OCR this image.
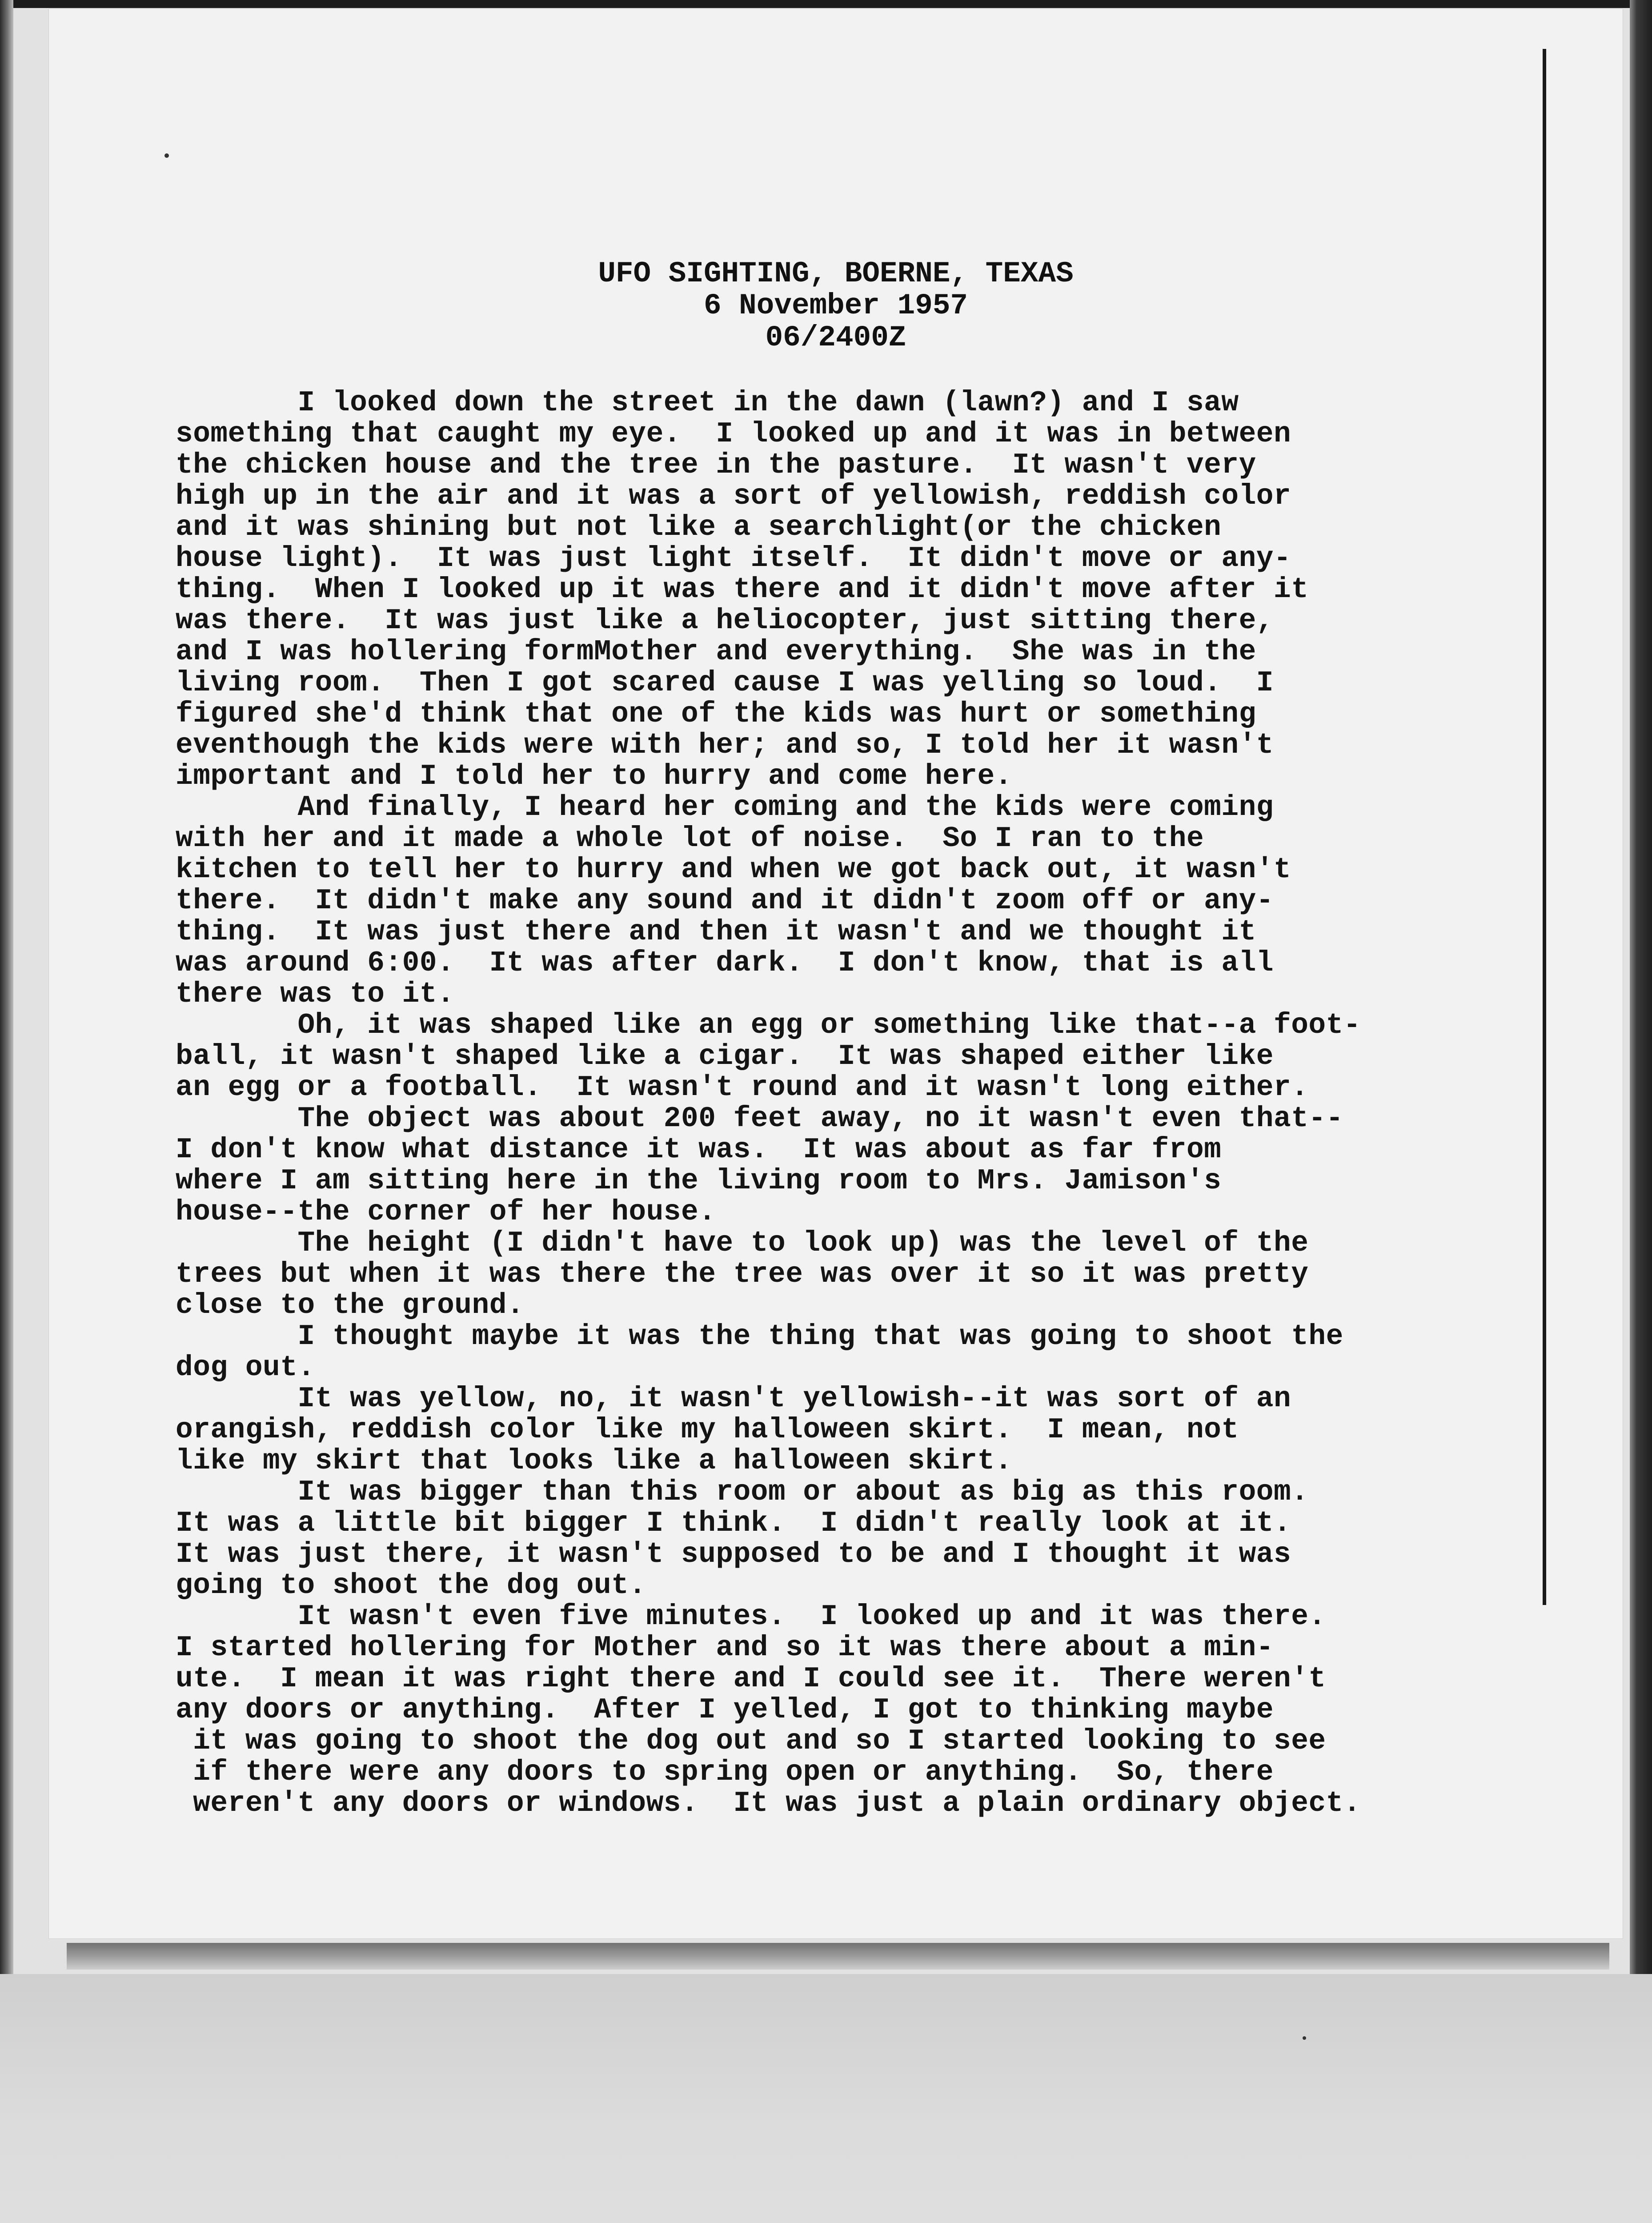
UFO SIGHTING, BOERNE, TEXAS
6 November 1957
06/2400Z
I looked down the street in the dawn (lawn?) and I saw
something that caught my eye.  I looked up and it was in between
the chicken house and the tree in the pasture.  It wasn't very
high up in the air and it was a sort of yellowish, reddish color
and it was shining but not like a searchlight(or the chicken
house light).  It was just light itself.  It didn't move or any-
thing.  When I looked up it was there and it didn't move after it
was there.  It was just like a heliocopter, just sitting there,
and I was hollering formMother and everything.  She was in the
living room.  Then I got scared cause I was yelling so loud.  I
figured she'd think that one of the kids was hurt or something
eventhough the kids were with her; and so, I told her it wasn't
important and I told her to hurry and come here.
And finally, I heard her coming and the kids were coming
with her and it made a whole lot of noise.  So I ran to the
kitchen to tell her to hurry and when we got back out, it wasn't
there.  It didn't make any sound and it didn't zoom off or any-
thing.  It was just there and then it wasn't and we thought it
was around 6:00.  It was after dark.  I don't know, that is all
there was to it.
Oh, it was shaped like an egg or something like that--a foot-
ball, it wasn't shaped like a cigar.  It was shaped either like
an egg or a football.  It wasn't round and it wasn't long either.
The object was about 200 feet away, no it wasn't even that--
I don't know what distance it was.  It was about as far from
where I am sitting here in the living room to Mrs. Jamison's
house--the corner of her house.
The height (I didn't have to look up) was the level of the
trees but when it was there the tree was over it so it was pretty
close to the ground.
I thought maybe it was the thing that was going to shoot the
dog out.
It was yellow, no, it wasn't yellowish--it was sort of an
orangish, reddish color like my halloween skirt.  I mean, not
like my skirt that looks like a halloween skirt.
It was bigger than this room or about as big as this room.
It was a little bit bigger I think.  I didn't really look at it.
It was just there, it wasn't supposed to be and I thought it was
going to shoot the dog out.
It wasn't even five minutes.  I looked up and it was there.
I started hollering for Mother and so it was there about a min-
ute.  I mean it was right there and I could see it.  There weren't
any doors or anything.  After I yelled, I got to thinking maybe
it was going to shoot the dog out and so I started looking to see
if there were any doors to spring open or anything.  So, there
weren't any doors or windows.  It was just a plain ordinary object.
